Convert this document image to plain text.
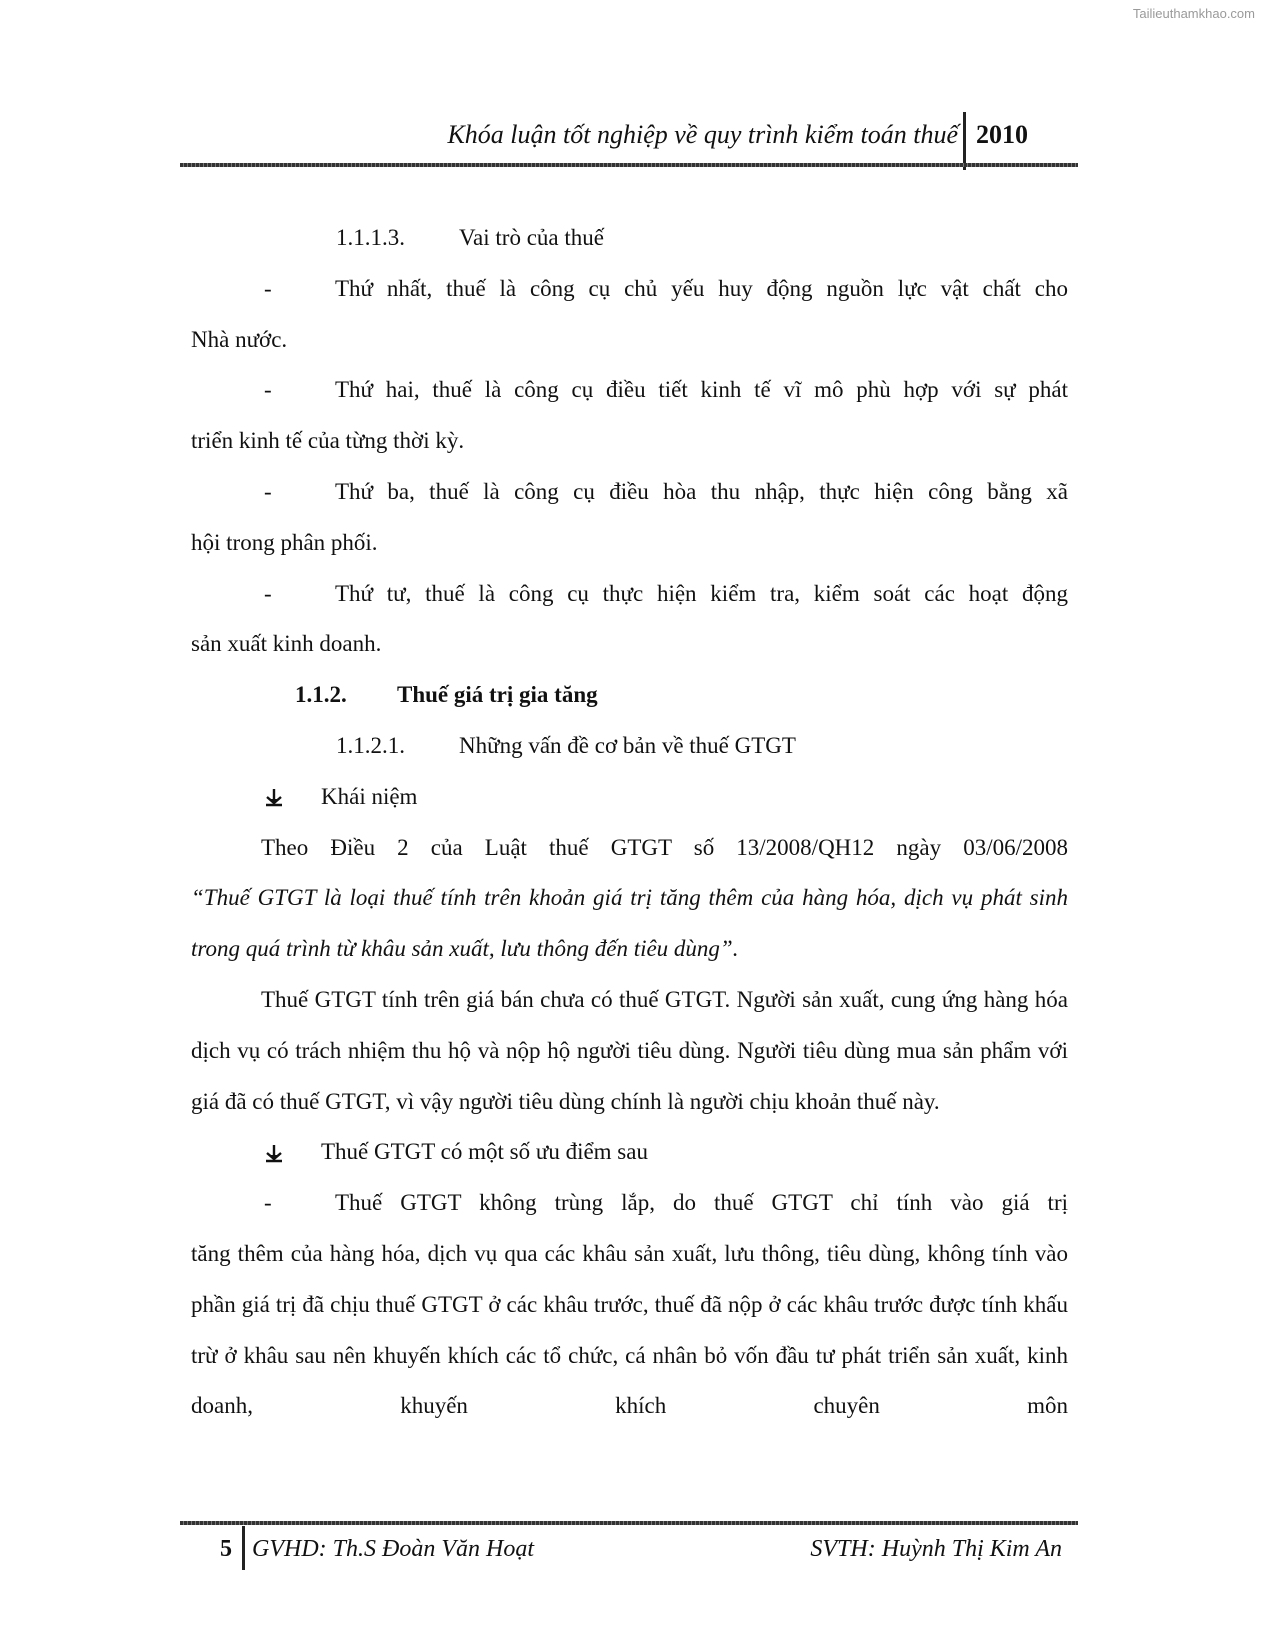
Tailieuthamkhao.com
Khóa luận tốt nghiệp về quy trình kiểm toán thuế 2010
1.1.1.3. Vai trò của thuế
-	Thứ nhất, thuế là công cụ chủ yếu huy động nguồn lực vật chất cho

Nhà nước.

-	Thứ hai, thuế là công cụ điều tiết kinh tế vĩ mô phù hợp với sự phát

triển kinh tế của từng thời kỳ.

-	Thứ ba, thuế là công cụ điều hòa thu nhập, thực hiện công bằng xã

hội trong phân phối.

-	Thứ tư, thuế là công cụ thực hiện kiểm tra, kiểm soát các hoạt động

sản xuất kinh doanh.

1.1.2. Thuế giá trị gia tăng
1.1.2.1. Những vấn đề cơ bản về thuế GTGT
Khái niệm

Theo Điều 2 của Luật thuế GTGT số 13/2008/QH12 ngày 03/06/2008

“Thuế GTGT là loại thuế tính trên khoản giá trị tăng thêm của hàng hóa, dịch vụ phát sinh trong quá trình từ khâu sản xuất, lưu thông đến tiêu dùng”.

Thuế GTGT tính trên giá bán chưa có thuế GTGT. Người sản xuất, cung ứng hàng hóa dịch vụ có trách nhiệm thu hộ và nộp hộ người tiêu dùng. Người tiêu dùng mua sản phẩm với giá đã có thuế GTGT, vì vậy người tiêu dùng chính là người chịu khoản thuế này.

Thuế GTGT có một số ưu điểm sau
-	Thuế GTGT không trùng lắp, do thuế GTGT chỉ tính vào giá trị

tăng thêm của hàng hóa, dịch vụ qua các khâu sản xuất, lưu thông, tiêu dùng, không tính vào phần giá trị đã chịu thuế GTGT ở các khâu trước, thuế đã nộp ở các khâu trước được tính khấu trừ ở khâu sau nên khuyến khích các tổ chức, cá nhân bỏ vốn đầu tư phát triển sản xuất, kinh doanh, khuyến khích chuyên môn

5 GVHD: Th.S Đoàn Văn Hoạt	SVTH: Huỳnh Thị Kim An
